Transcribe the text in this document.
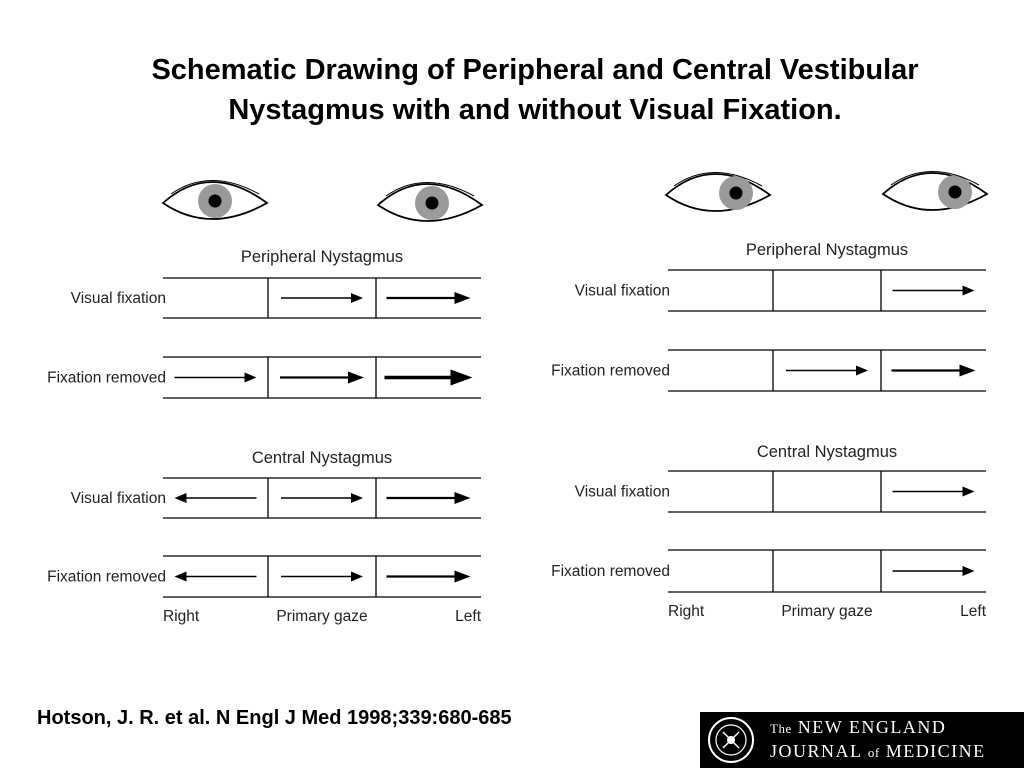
Schematic Drawing of Peripheral and Central Vestibular
Nystagmus with and without Visual Fixation.
Peripheral Nystagmus
Visual fixation
Fixation removed
Central Nystagmus
Visual fixation
Fixation removed
Right	Primary gaze	Left
Peripheral Nystagmus
Visual fixation
Fixation removed
Central Nystagmus
Visual fixation
Fixation removed
Right	Primary gaze	Left
Hotson, J. R. et al. N Engl J Med 1998;339:680-685	The NEW ENGLAND
JOURNAL of MEDICINE
